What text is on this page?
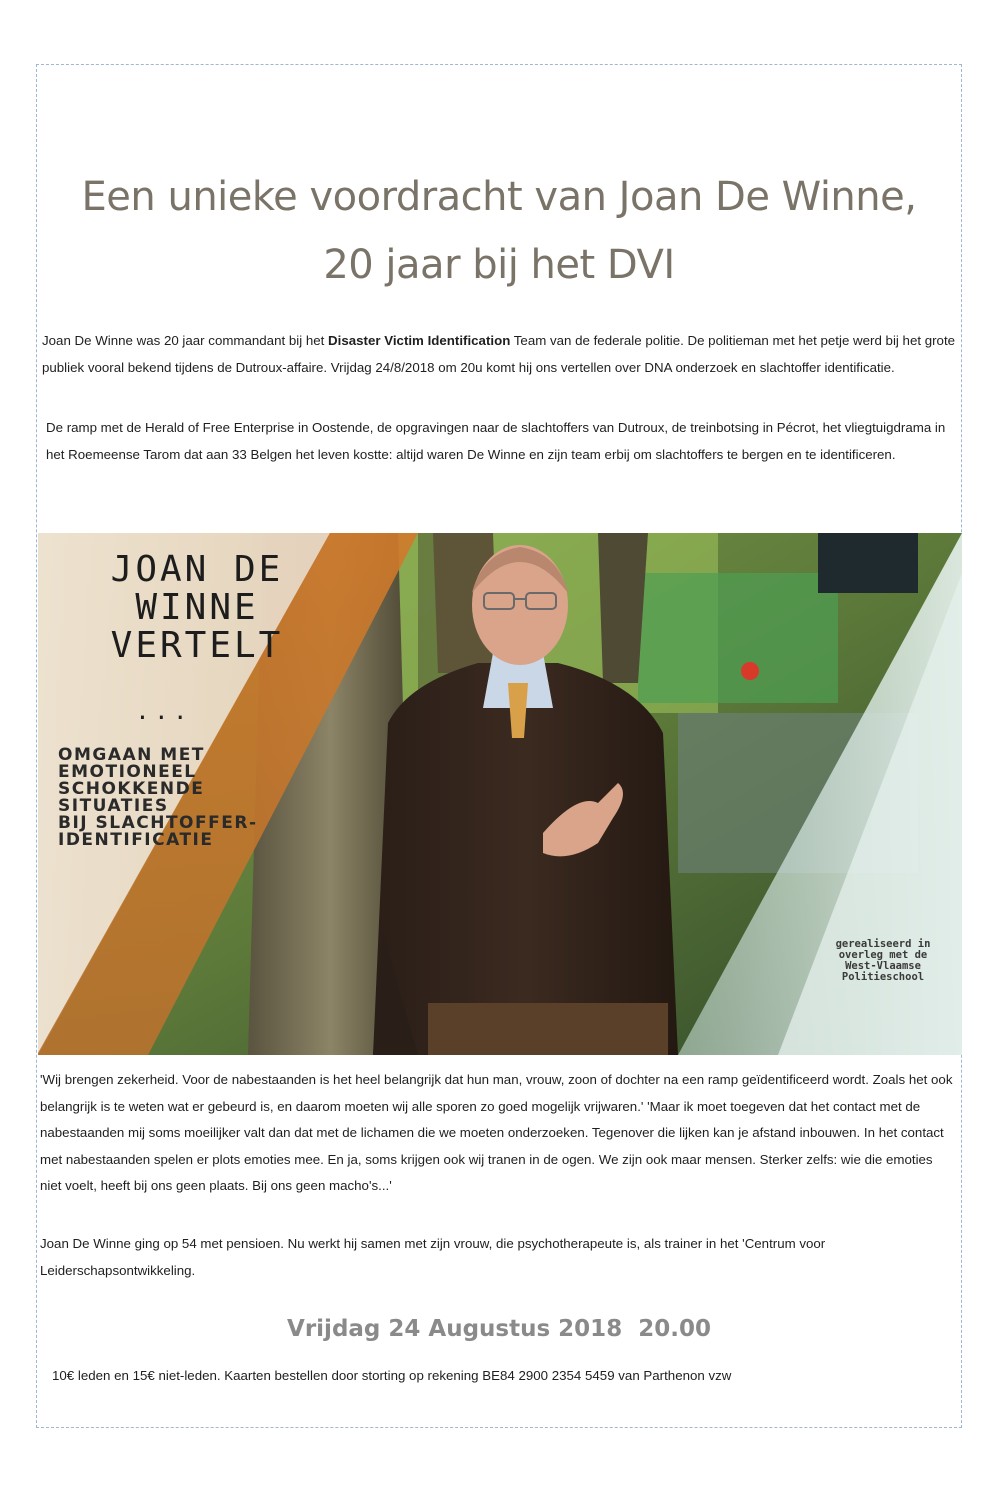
Een unieke voordracht van Joan De Winne,
20 jaar bij het DVI

Joan De Winne was 20 jaar commandant bij het Disaster Victim Identification Team van de federale politie. De politieman met het petje werd bij het grote publiek vooral bekend tijdens de Dutroux-affaire. Vrijdag 24/8/2018 om 20u komt hij ons vertellen over DNA onderzoek en slachtoffer identificatie.

De ramp met de Herald of Free Enterprise in Oostende, de opgravingen naar de slachtoffers van Dutroux, de treinbotsing in Pécrot, het vliegtuigdrama in het Roemeense Tarom dat aan 33 Belgen het leven kostte: altijd waren De Winne en zijn team erbij om slachtoffers te bergen en te identificeren.

JOAN DE
WINNE
VERTELT
...
OMGAAN MET
EMOTIONEEL
SCHOKKENDE
SITUATIES
BIJ SLACHTOFFER-
IDENTIFICATIE
gerealiseerd in
overleg met de
West-Vlaamse
Politieschool

'Wij brengen zekerheid. Voor de nabestaanden is het heel belangrijk dat hun man, vrouw, zoon of dochter na een ramp geïdentificeerd wordt. Zoals het ook belangrijk is te weten wat er gebeurd is, en daarom moeten wij alle sporen zo goed mogelijk vrijwaren.' 'Maar ik moet toegeven dat het contact met de nabestaanden mij soms moeilijker valt dan dat met de lichamen die we moeten onderzoeken. Tegenover die lijken kan je afstand inbouwen. In het contact met nabestaanden spelen er plots emoties mee. En ja, soms krijgen ook wij tranen in de ogen. We zijn ook maar mensen. Sterker zelfs: wie die emoties niet voelt, heeft bij ons geen plaats. Bij ons geen macho's...'

Joan De Winne ging op 54 met pensioen. Nu werkt hij samen met zijn vrouw, die psychotherapeute is, als trainer in het 'Centrum voor Leiderschapsontwikkeling.

Vrijdag 24 Augustus 2018  20.00
10€ leden en 15€ niet-leden. Kaarten bestellen door storting op rekening BE84 2900 2354 5459 van Parthenon vzw
